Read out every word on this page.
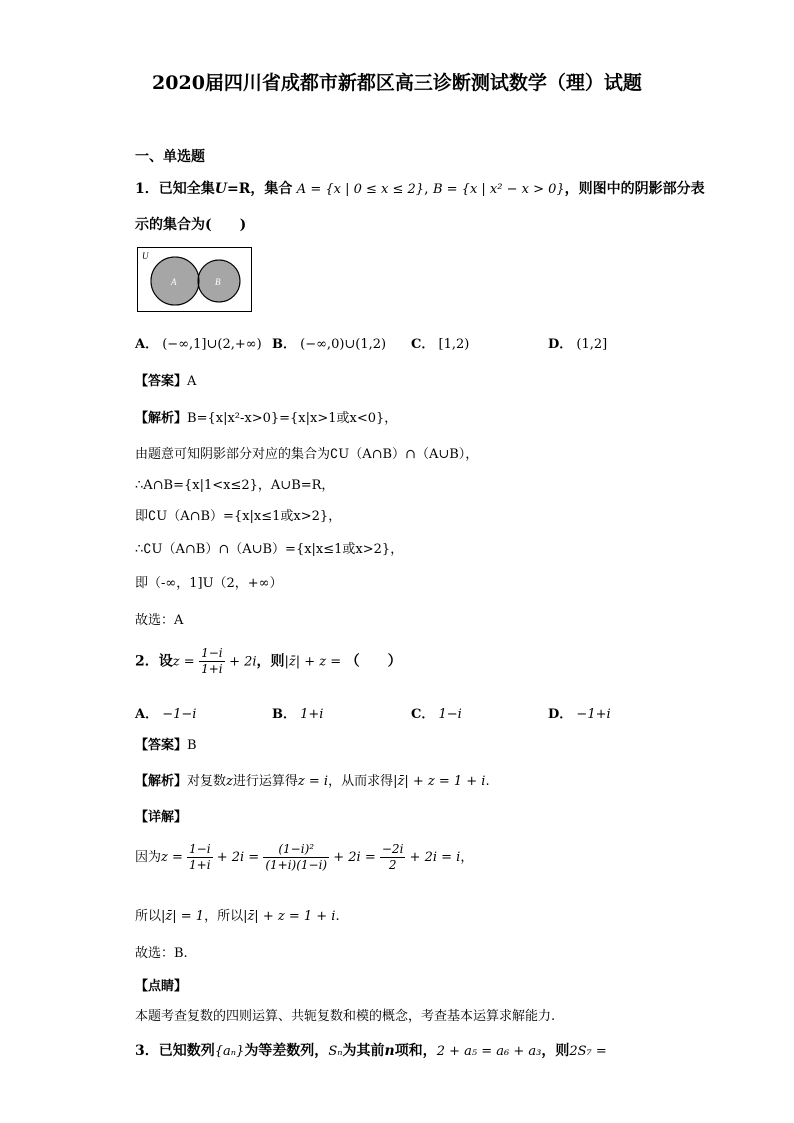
2020届四川省成都市新都区高三诊断测试数学（理）试题
一、单选题
1．已知全集U=R，集合 A = {x | 0 ≤ x ≤ 2}, B = {x | x² − x > 0}，则图中的阴影部分表
示的集合为(　　)
U
A	B
A． (−∞,1]∪(2,+∞) B． (−∞,0)∪(1,2) C． [1,2)	D． (1,2]
【答案】A
【解析】B={x|x²-x>0}={x|x>1或x<0}，
由题意可知阴影部分对应的集合为∁U（A∩B）∩（A∪B），
∴A∩B={x|1<x≤2}，A∪B=R，
即∁U（A∩B）={x|x≤1或x>2}，
∴∁U（A∩B）∩（A∪B）={x|x≤1或x>2}，
即（-∞，1]U（2，+∞）
故选：A
2．设$z = \frac{1-i}{1+i} + 2i$，则|z̄| + z = （　　）
A． −1−i	B． 1+i	C． 1−i	D． −1+i
【答案】B
【解析】对复数z进行运算得z = i，从而求得|z̄| + z = 1 + i.
【详解】
因为$z = \frac{1-i}{1+i} + 2i = \frac{\text{(1−i)²}}{(1+i)(1-i)} + 2i = \frac{-2i}{2} + 2i = i$，
所以|z̄| = 1，所以|z̄| + z = 1 + i.
故选：B.
【点睛】
本题考查复数的四则运算、共轭复数和模的概念，考查基本运算求解能力.
3．已知数列{aₙ}为等差数列，Sₙ为其前n项和，2 + a₅ = a₆ + a₃，则2S₇ =
